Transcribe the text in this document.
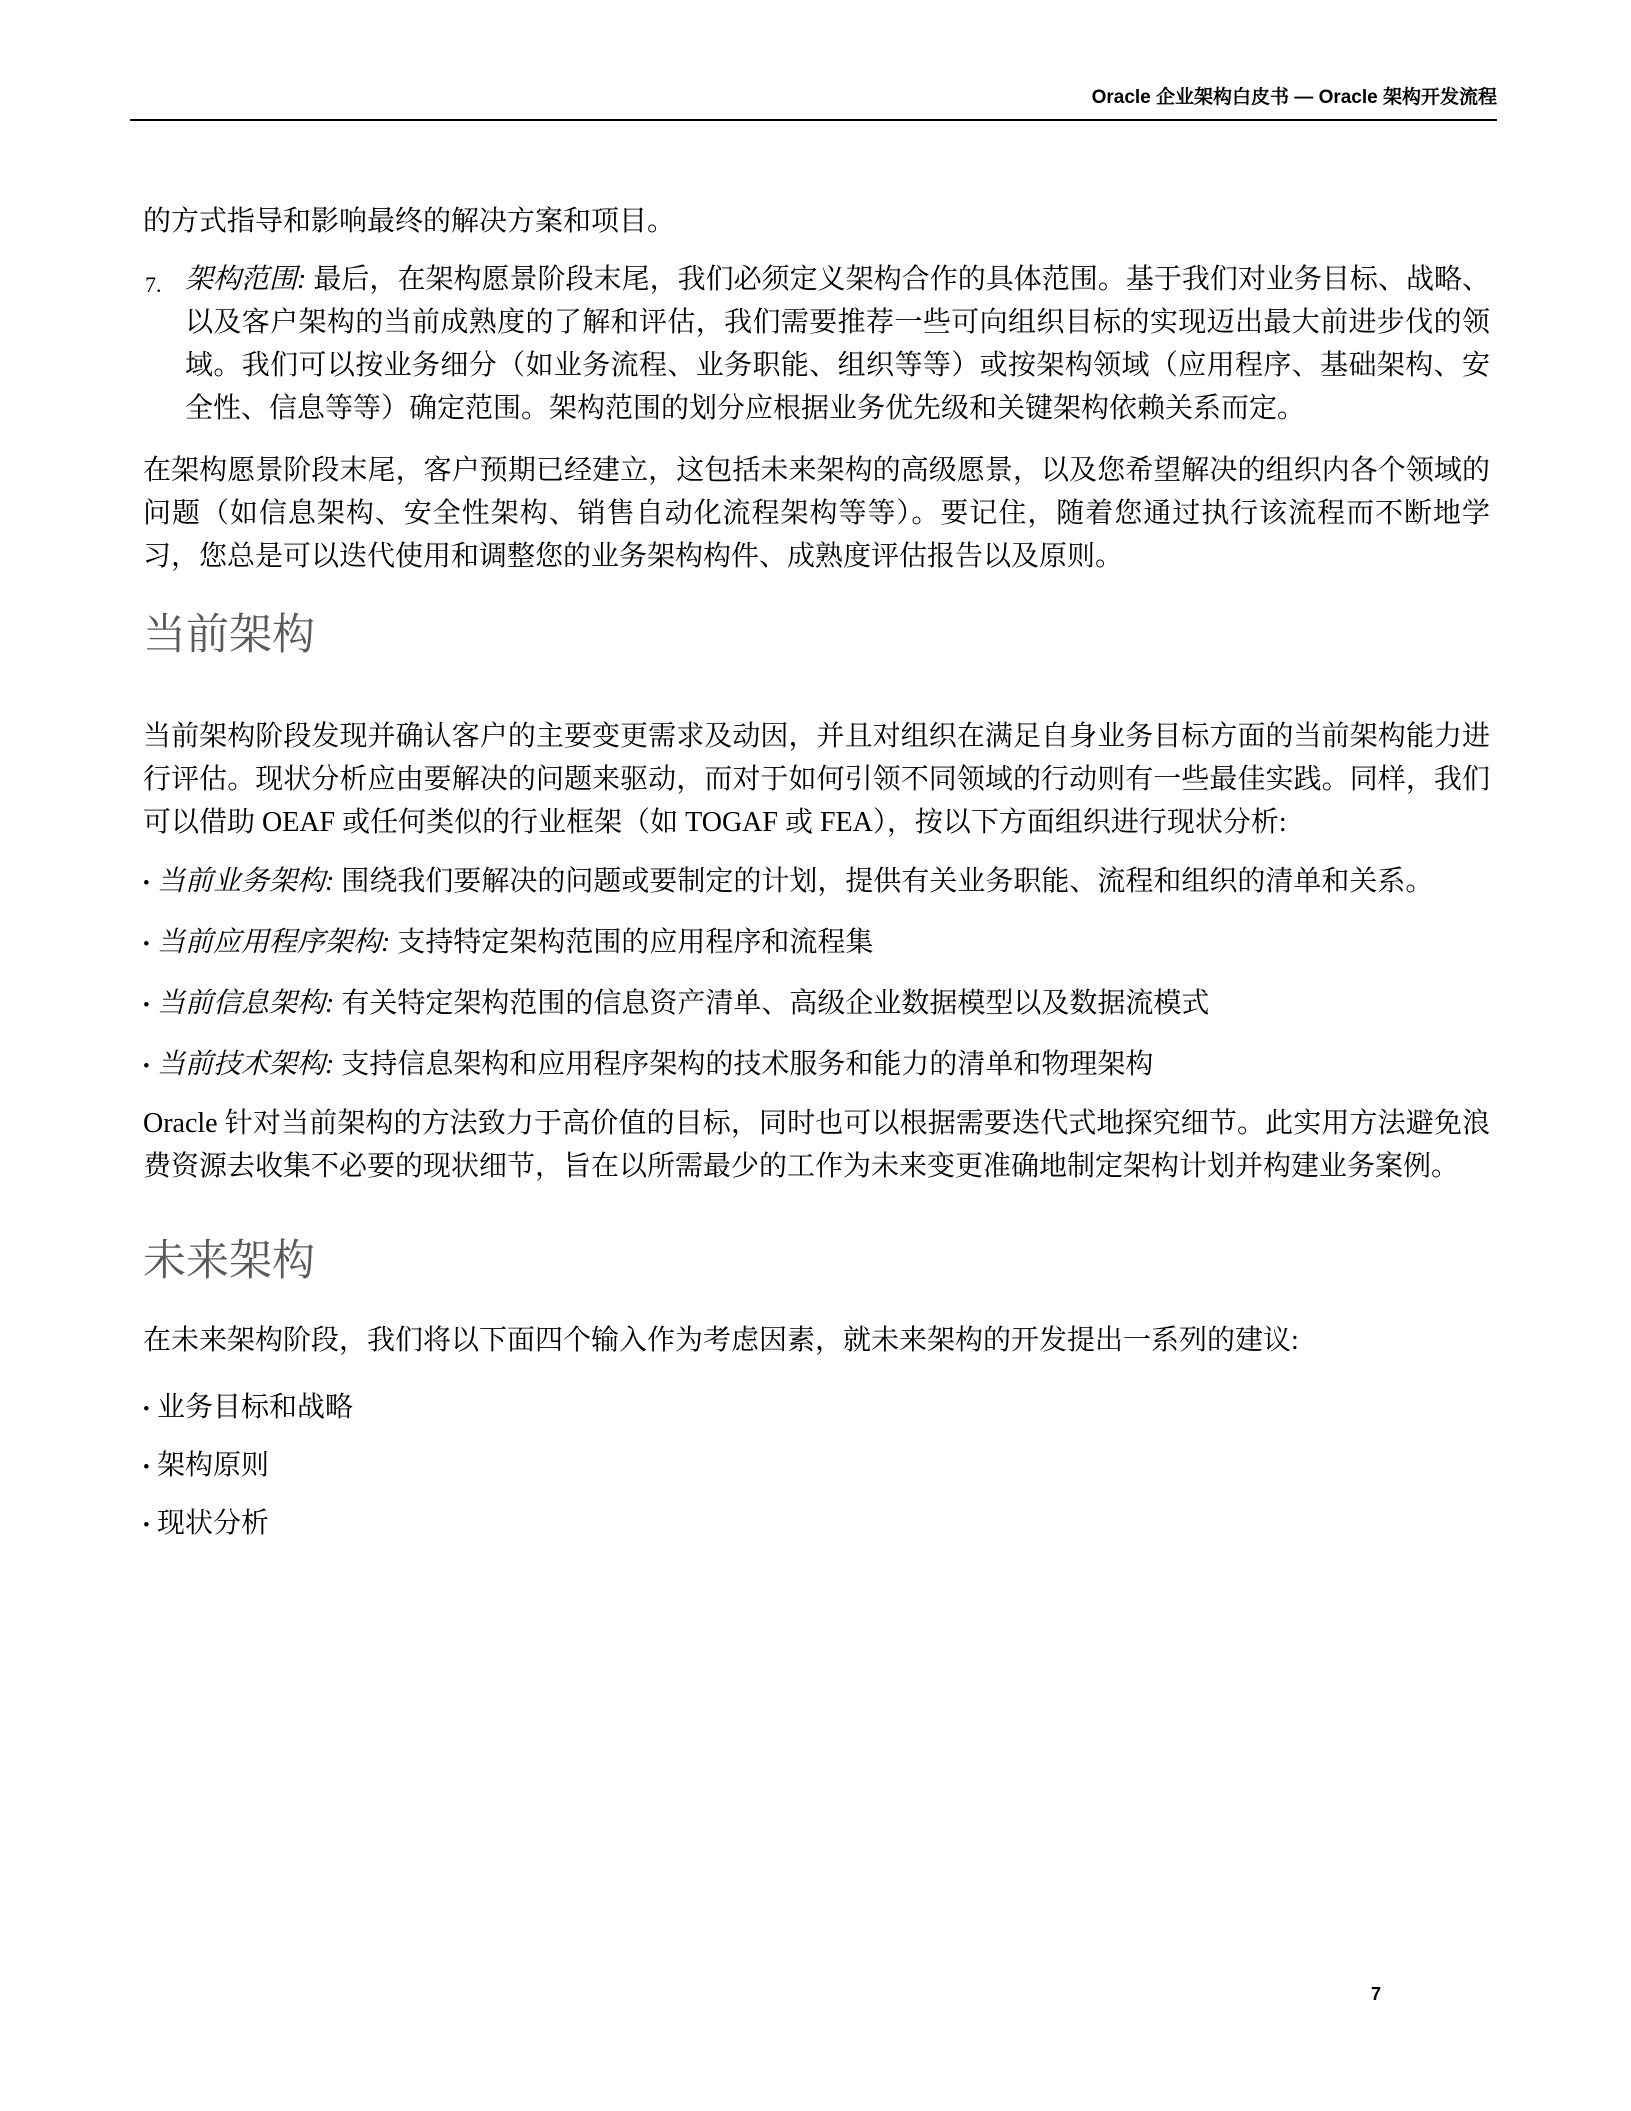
Oracle 企业架构白皮书 — Oracle 架构开发流程
的方式指导和影响最终的解决方案和项目。
7. 架构范围: 最后，在架构愿景阶段末尾，我们必须定义架构合作的具体范围。基于我们对业务目标、战略、以及客户架构的当前成熟度的了解和评估，我们需要推荐一些可向组织目标的实现迈出最大前进步伐的领域。我们可以按业务细分（如业务流程、业务职能、组织等等）或按架构领域（应用程序、基础架构、安全性、信息等等）确定范围。架构范围的划分应根据业务优先级和关键架构依赖关系而定。
在架构愿景阶段末尾，客户预期已经建立，这包括未来架构的高级愿景，以及您希望解决的组织内各个领域的问题（如信息架构、安全性架构、销售自动化流程架构等等）。要记住，随着您通过执行该流程而不断地学习，您总是可以迭代使用和调整您的业务架构构件、成熟度评估报告以及原则。
当前架构
当前架构阶段发现并确认客户的主要变更需求及动因，并且对组织在满足自身业务目标方面的当前架构能力进行评估。现状分析应由要解决的问题来驱动，而对于如何引领不同领域的行动则有一些最佳实践。同样，我们可以借助 OEAF 或任何类似的行业框架（如 TOGAF 或 FEA），按以下方面组织进行现状分析:
• 当前业务架构: 围绕我们要解决的问题或要制定的计划，提供有关业务职能、流程和组织的清单和关系。
• 当前应用程序架构: 支持特定架构范围的应用程序和流程集
• 当前信息架构: 有关特定架构范围的信息资产清单、高级企业数据模型以及数据流模式
• 当前技术架构: 支持信息架构和应用程序架构的技术服务和能力的清单和物理架构
Oracle 针对当前架构的方法致力于高价值的目标，同时也可以根据需要迭代式地探究细节。此实用方法避免浪费资源去收集不必要的现状细节，旨在以所需最少的工作为未来变更准确地制定架构计划并构建业务案例。
未来架构
在未来架构阶段，我们将以下面四个输入作为考虑因素，就未来架构的开发提出一系列的建议:
• 业务目标和战略
• 架构原则
• 现状分析
7
